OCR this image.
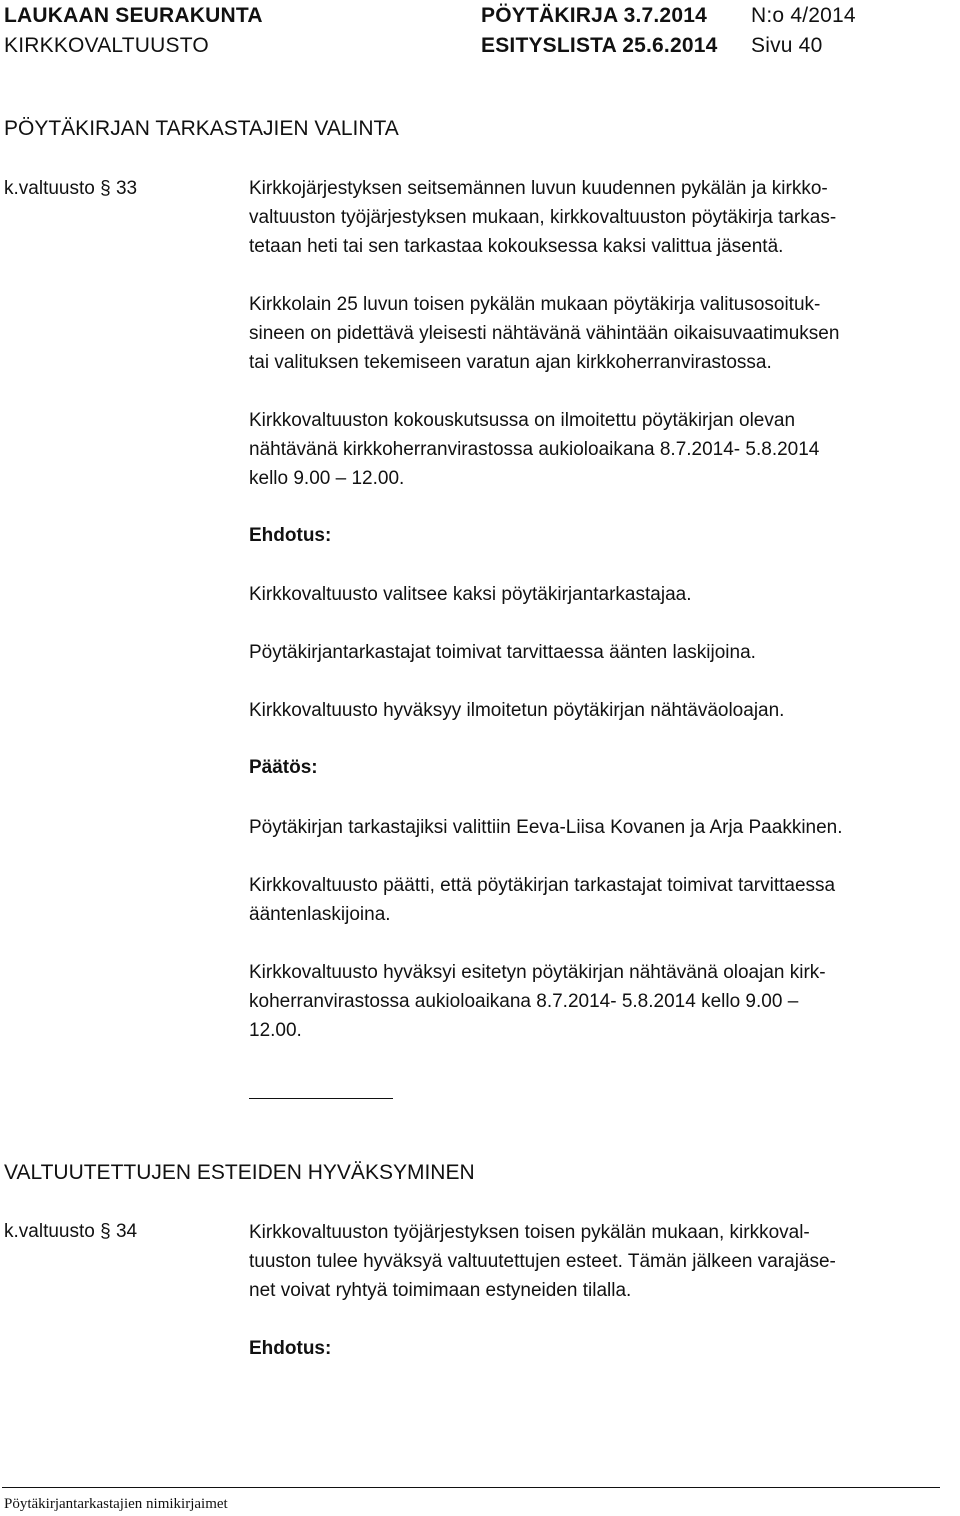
LAUKAAN SEURAKUNTA
KIRKKOVALTUUSTO
PÖYTÄKIRJA 3.7.2014
ESITYSLISTA 25.6.2014
N:o 4/2014
Sivu 40
PÖYTÄKIRJAN TARKASTAJIEN VALINTA
k.valtuusto § 33	Kirkkojärjestyksen seitsemännen luvun kuudennen pykälän ja kirkko-
valtuuston työjärjestyksen mukaan, kirkkovaltuuston pöytäkirja tarkas-
tetaan heti tai sen tarkastaa kokouksessa kaksi valittua jäsentä.
Kirkkolain 25 luvun toisen pykälän mukaan pöytäkirja valitusosoituk-
sineen on pidettävä yleisesti nähtävänä vähintään oikaisuvaatimuksen
tai valituksen tekemiseen varatun ajan kirkkoherranvirastossa.
Kirkkovaltuuston kokouskutsussa on ilmoitettu pöytäkirjan olevan
nähtävänä kirkkoherranvirastossa aukioloaikana 8.7.2014- 5.8.2014
kello 9.00 – 12.00.
Ehdotus:
Kirkkovaltuusto valitsee kaksi pöytäkirjantarkastajaa.
Pöytäkirjantarkastajat toimivat tarvittaessa äänten laskijoina.
Kirkkovaltuusto hyväksyy ilmoitetun pöytäkirjan nähtäväoloajan.
Päätös:
Pöytäkirjan tarkastajiksi valittiin Eeva-Liisa Kovanen ja Arja Paakkinen.
Kirkkovaltuusto päätti, että pöytäkirjan tarkastajat toimivat tarvittaessa
ääntenlaskijoina.
Kirkkovaltuusto hyväksyi esitetyn pöytäkirjan nähtävänä oloajan kirk-
koherranvirastossa aukioloaikana 8.7.2014- 5.8.2014 kello 9.00 –
12.00.
VALTUUTETTUJEN ESTEIDEN HYVÄKSYMINEN
k.valtuusto § 34	Kirkkovaltuuston työjärjestyksen toisen pykälän mukaan, kirkkoval-
tuuston tulee hyväksyä valtuutettujen esteet. Tämän jälkeen varajäse-
net voivat ryhtyä toimimaan estyneiden tilalla.
Ehdotus:
Pöytäkirjantarkastajien nimikirjaimet
